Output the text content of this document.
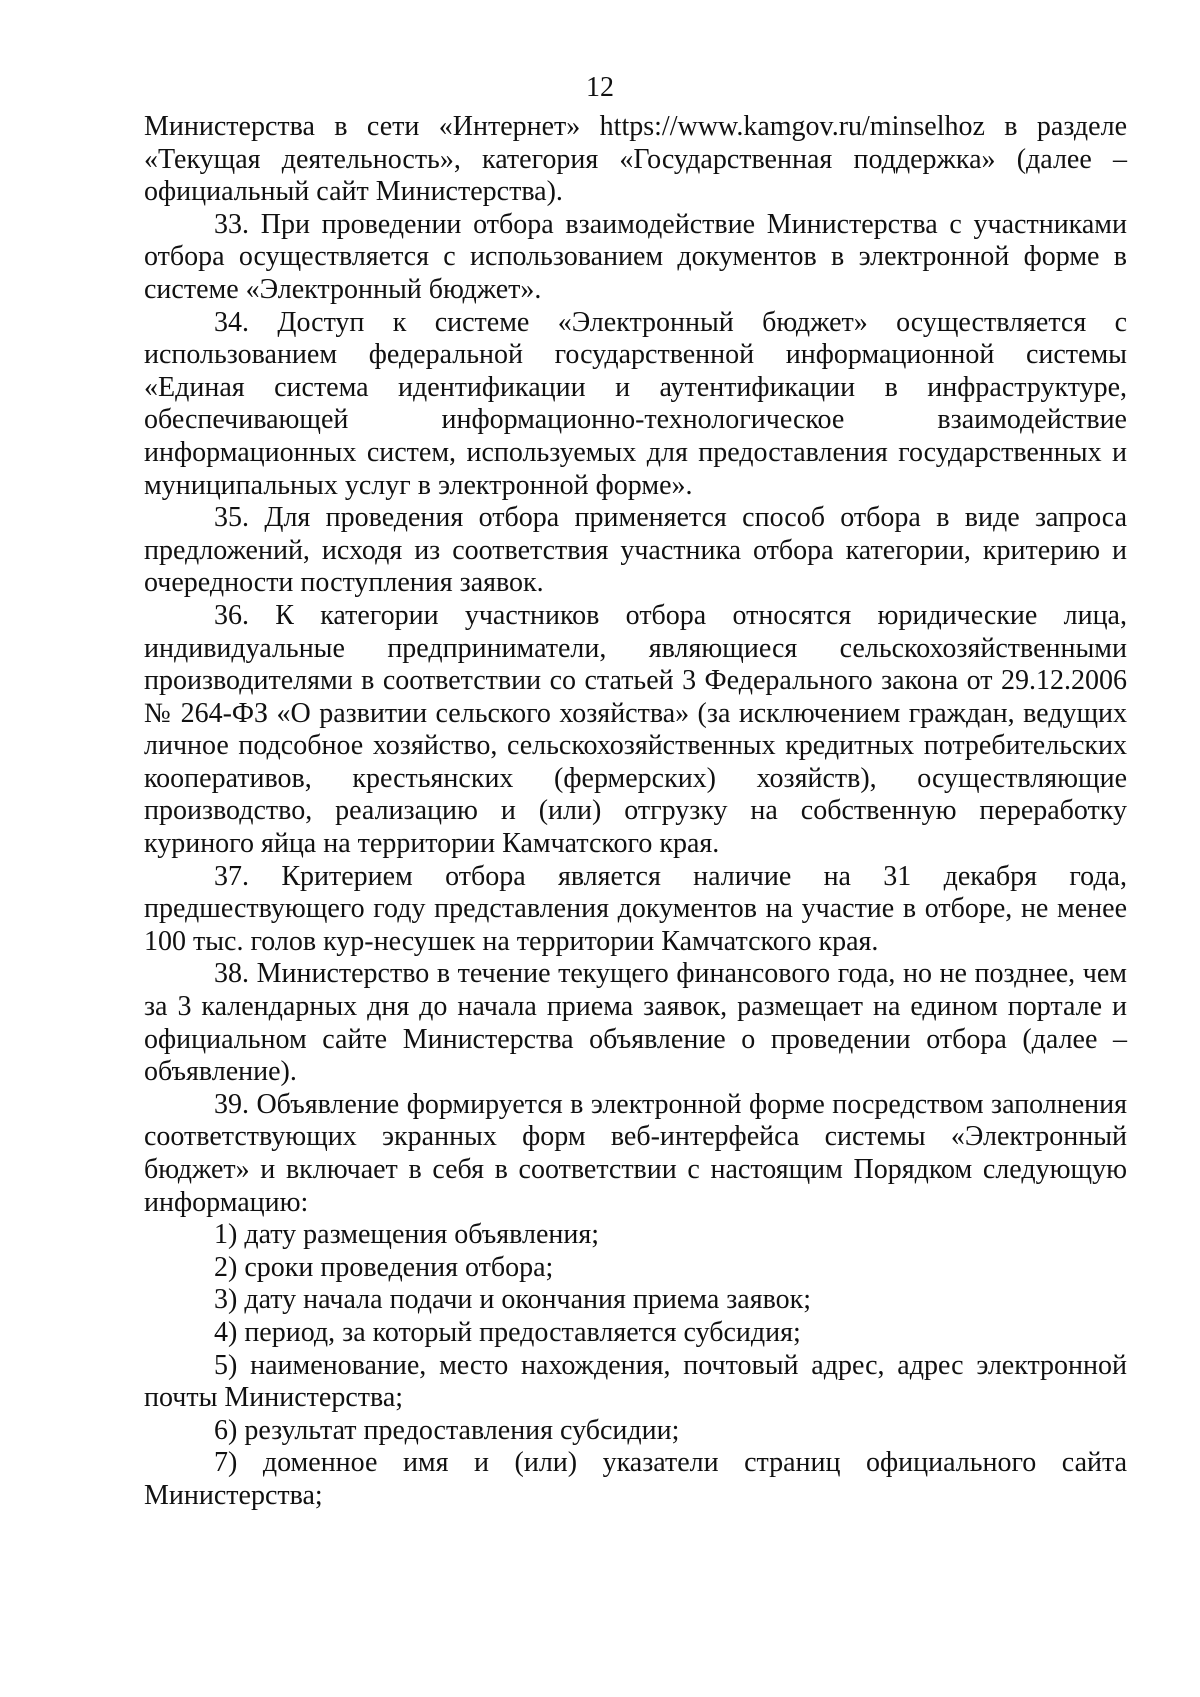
12

Министерства в сети «Интернет» https://www.kamgov.ru/minselhoz в разделе «Текущая деятельность», категория «Государственная поддержка» (далее – официальный сайт Министерства).

33. При проведении отбора взаимодействие Министерства с участниками отбора осуществляется с использованием документов в электронной форме в системе «Электронный бюджет».

34. Доступ к системе «Электронный бюджет» осуществляется с использованием федеральной государственной информационной системы «Единая система идентификации и аутентификации в инфраструктуре, обеспечивающей информационно-технологическое взаимодействие информационных систем, используемых для предоставления государственных и муниципальных услуг в электронной форме».

35. Для проведения отбора применяется способ отбора в виде запроса предложений, исходя из соответствия участника отбора категории, критерию и очередности поступления заявок.

36. К категории участников отбора относятся юридические лица, индивидуальные предприниматели, являющиеся сельскохозяйственными производителями в соответствии со статьей 3 Федерального закона от 29.12.2006 № 264-ФЗ «О развитии сельского хозяйства» (за исключением граждан, ведущих личное подсобное хозяйство, сельскохозяйственных кредитных потребительских кооперативов, крестьянских (фермерских) хозяйств), осуществляющие производство, реализацию и (или) отгрузку на собственную переработку куриного яйца на территории Камчатского края.

37. Критерием отбора является наличие на 31 декабря года, предшествующего году представления документов на участие в отборе, не менее 100 тыс. голов кур-несушек на территории Камчатского края.

38. Министерство в течение текущего финансового года, но не позднее, чем за 3 календарных дня до начала приема заявок, размещает на едином портале и официальном сайте Министерства объявление о проведении отбора (далее – объявление).

39. Объявление формируется в электронной форме посредством заполнения соответствующих экранных форм веб-интерфейса системы «Электронный бюджет» и включает в себя в соответствии с настоящим Порядком следующую информацию:

1) дату размещения объявления;

2) сроки проведения отбора;

3) дату начала подачи и окончания приема заявок;

4) период, за который предоставляется субсидия;

5) наименование, место нахождения, почтовый адрес, адрес электронной почты Министерства;

6) результат предоставления субсидии;

7) доменное имя и (или) указатели страниц официального сайта Министерства;
